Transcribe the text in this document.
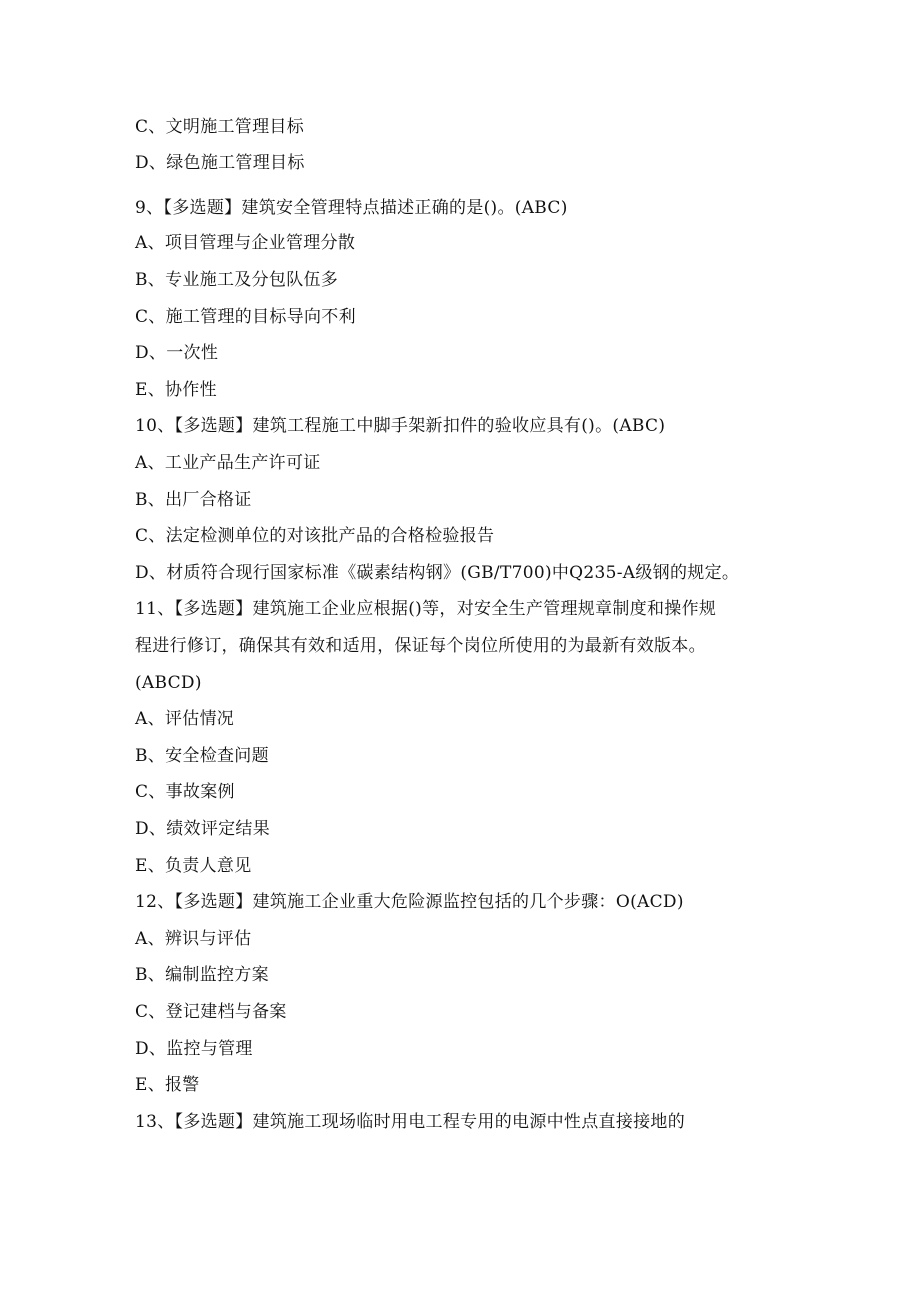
C、文明施工管理目标
D、绿色施工管理目标
9、【多选题】建筑安全管理特点描述正确的是()。(ABC)
A、项目管理与企业管理分散
B、专业施工及分包队伍多
C、施工管理的目标导向不利
D、一次性
E、协作性
10、【多选题】建筑工程施工中脚手架新扣件的验收应具有()。(ABC)
A、工业产品生产许可证
B、出厂合格证
C、法定检测单位的对该批产品的合格检验报告
D、材质符合现行国家标准《碳素结构钢》(GB/T700)中Q235-A级钢的规定。
11、【多选题】建筑施工企业应根据()等，对安全生产管理规章制度和操作规
程进行修订，确保其有效和适用，保证每个岗位所使用的为最新有效版本。
(ABCD)
A、评估情况
B、安全检查问题
C、事故案例
D、绩效评定结果
E、负责人意见
12、【多选题】建筑施工企业重大危险源监控包括的几个步骤：O(ACD)
A、辨识与评估
B、编制监控方案
C、登记建档与备案
D、监控与管理
E、报警
13、【多选题】建筑施工现场临时用电工程专用的电源中性点直接接地的
